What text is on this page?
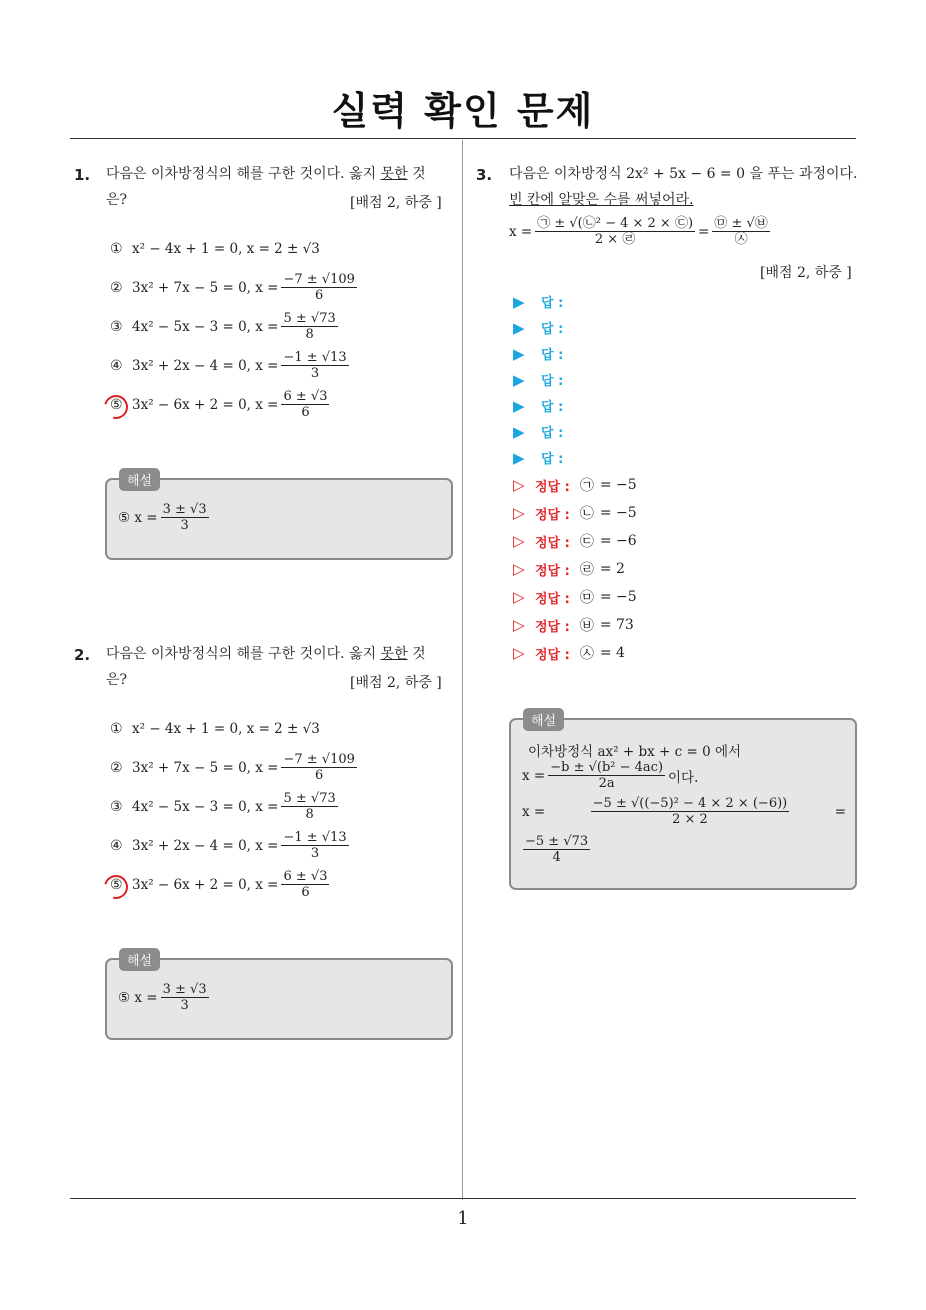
실력 확인 문제
1. 다음은 이차방정식의 해를 구한 것이다. 옳지 못한 것
은?	[배점 2, 하중 ]
① x² − 4x + 1 = 0, x = 2 ± √3
② 3x² + 7x − 5 = 0, $x = \frac{-7 \pm √109}{6}$
③ 4x² − 5x − 3 = 0, $x = \frac{5 \pm √73}{8}$
④ 3x² + 2x − 4 = 0, $x = \frac{-1 \pm √13}{3}$
⑤ 3x² − 6x + 2 = 0, $x = \frac{6 \pm √3}{6}$
해설
⑤
$x = \frac{3 \pm √3}{3}$
2. 다음은 이차방정식의 해를 구한 것이다. 옳지 못한 것
은?	[배점 2, 하중 ]
① x² − 4x + 1 = 0, x = 2 ± √3
② 3x² + 7x − 5 = 0, $x = \frac{-7 \pm √109}{6}$
③ 4x² − 5x − 3 = 0, $x = \frac{5 \pm √73}{8}$
④ 3x² + 2x − 4 = 0, $x = \frac{-1 \pm √13}{3}$
⑤ 3x² − 6x + 2 = 0, $x = \frac{6 \pm √3}{6}$
해설
⑤
$x = \frac{3 \pm √3}{3}$
3. 다음은 이차방정식 2x² + 5x − 6 = 0 을 푸는 과정이다.
빈 칸에 알맞은 수를 써넣어라.
$x = \frac{\text{㉠ ± √(㉡² − 4 × 2 × ㉢)}}{2 \times ㉣} = \frac{㉤ \pm √㉥}{㉦}$
[배점 2, 하중 ]
▶	답 :
▶	답 :
▶	답 :
▶	답 :
▶	답 :
▶	답 :
▶	답 :
▷ 정답 : ㉠ = −5
▷ 정답 : ㉡ = −5
▷ 정답 : ㉢ = −6
▷ 정답 : ㉣ = 2
▷ 정답 : ㉤ = −5
▷ 정답 : ㉥ = 73
▷ 정답 : ㉦ = 4
해설
이차방정식 ax² + bx + c = 0 에서
$x = \frac{\text{−b ± √(b² − 4ac)}}{2a}$ 이다.
x =	$\frac{\text{−5 ± √((−5)² − 4 × 2 × (−6))}}{2 \times 2}$	=
$\frac{-5 \pm √73}{4}$
1
